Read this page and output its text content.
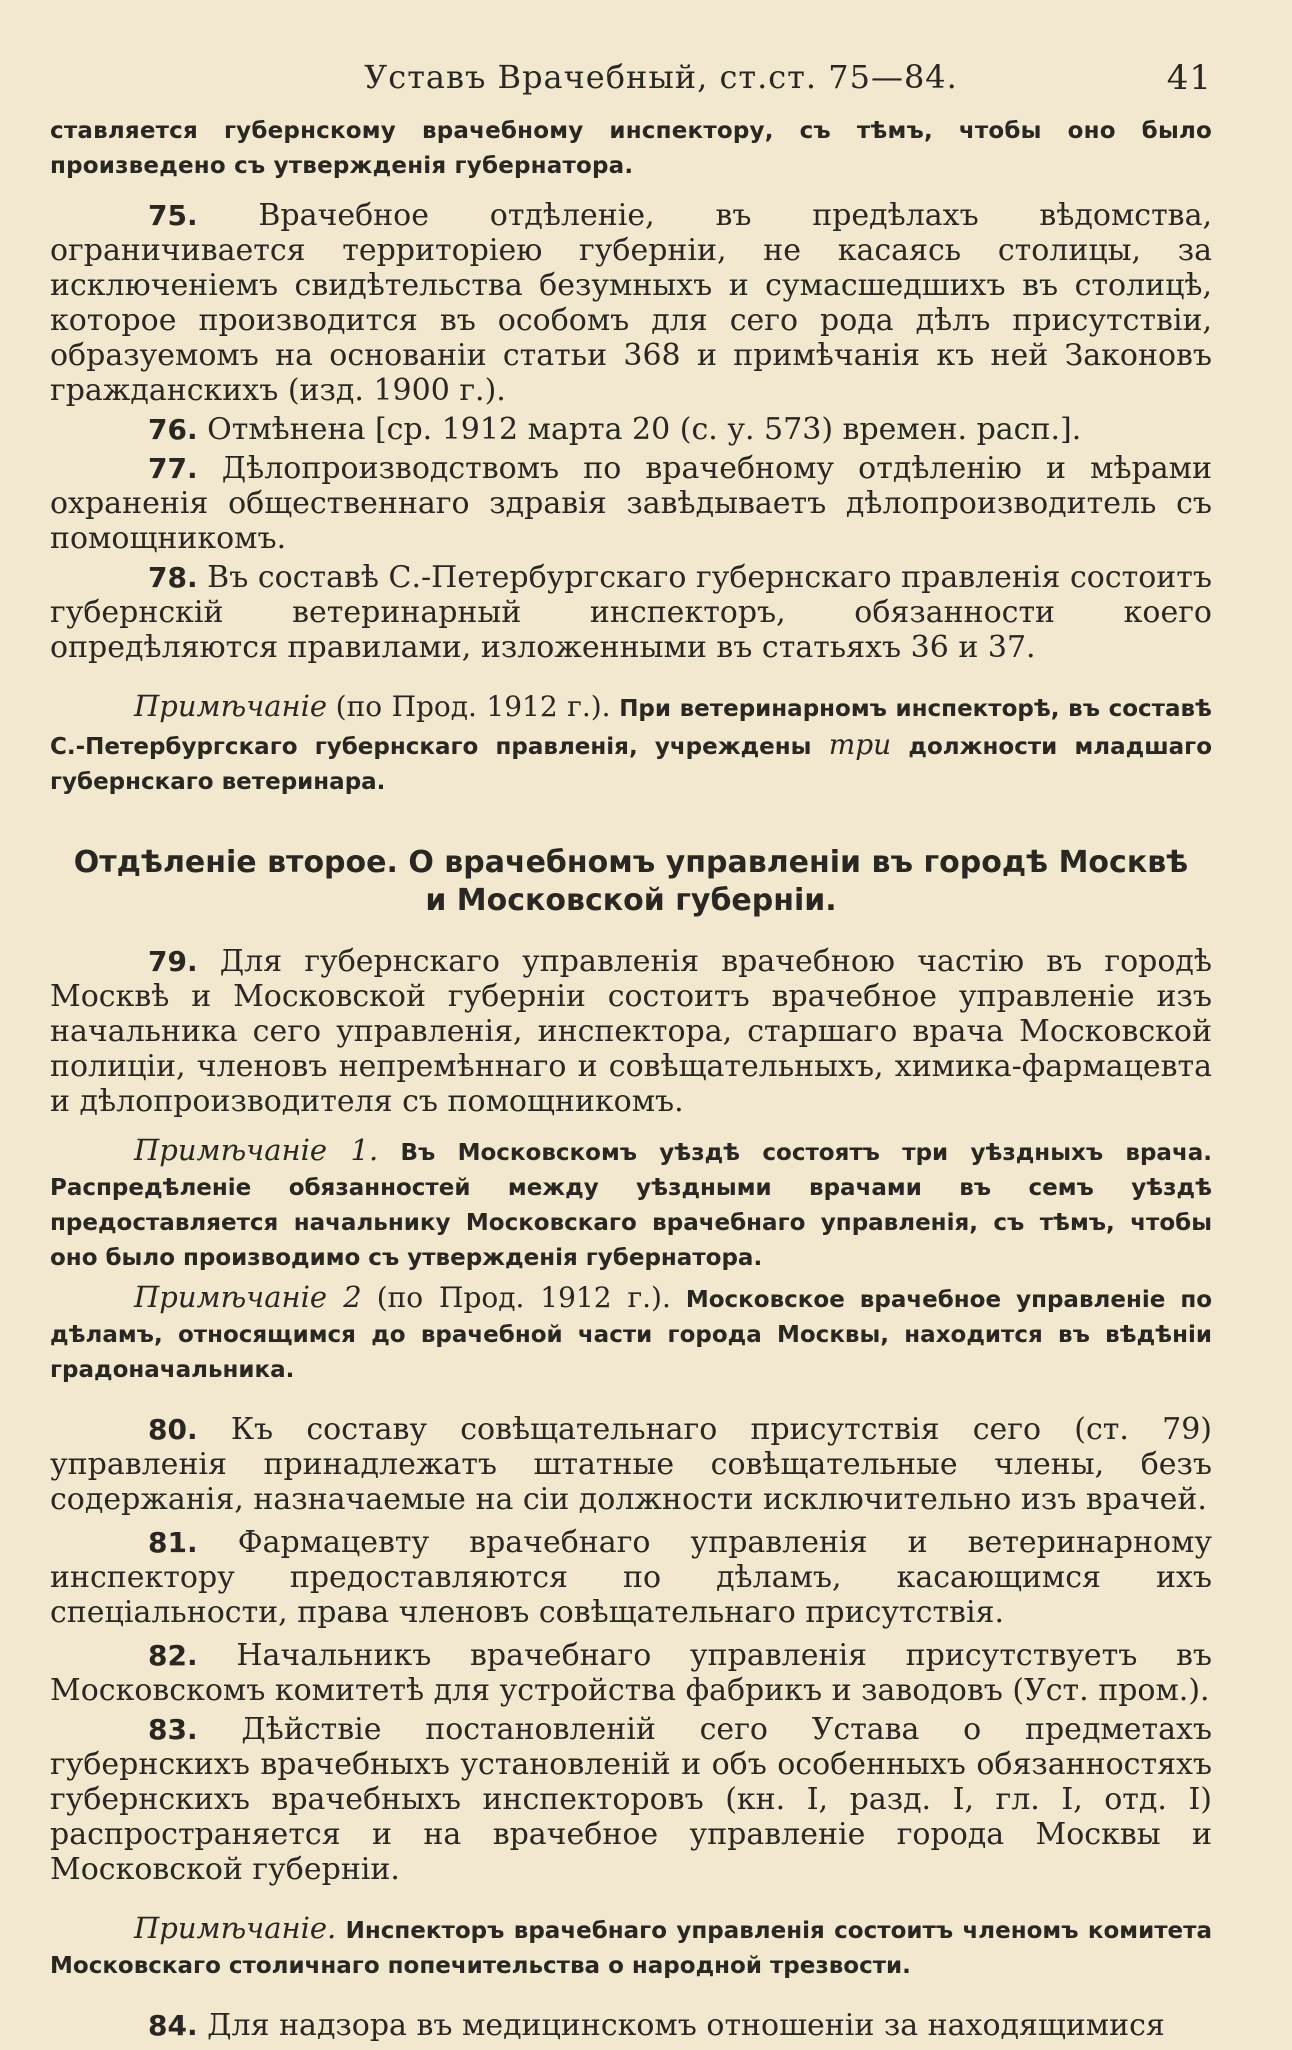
Уставъ Врачебный, ст.ст. 75—84.	41

ставляется губернскому врачебному инспектору, съ тѣмъ, чтобы оно было произведено съ утвержденія губернатора.

75. Врачебное отдѣленіе, въ предѣлахъ вѣдомства, ограничивается территоріею губерніи, не касаясь столицы, за исключеніемъ свидѣтельства безумныхъ и сумасшедшихъ въ столицѣ, которое производится въ особомъ для сего рода дѣлъ присутствіи, образуемомъ на основаніи статьи 368 и примѣчанія къ ней Законовъ гражданскихъ (изд. 1900 г.).

76. Отмѣнена [ср. 1912 марта 20 (с. у. 573) времен. расп.].

77. Дѣлопроизводствомъ по врачебному отдѣленію и мѣрами охраненія общественнаго здравія завѣдываетъ дѣлопроизводитель съ помощникомъ.

78. Въ составѣ С.-Петербургскаго губернскаго правленія состоитъ губернскій ветеринарный инспекторъ, обязанности коего опредѣляются правилами, изложенными въ статьяхъ 36 и 37.

Примѣчаніе (по Прод. 1912 г.). При ветеринарномъ инспекторѣ, въ составѣ С.-Петербургскаго губернскаго правленія, учреждены три должности младшаго губернскаго ветеринара.

Отдѣленіе второе. О врачебномъ управленіи въ городѣ Москвѣ
и Московской губерніи.

79. Для губернскаго управленія врачебною частію въ городѣ Москвѣ и Московской губерніи состоитъ врачебное управленіе изъ начальника сего управленія, инспектора, старшаго врача Московской полиціи, членовъ непремѣннаго и совѣщательныхъ, химика-фармацевта и дѣлопроизводителя съ помощникомъ.

Примѣчаніе 1. Въ Московскомъ уѣздѣ состоятъ три уѣздныхъ врача. Распредѣленіе обязанностей между уѣздными врачами въ семъ уѣздѣ предоставляется начальнику Московскаго врачебнаго управленія, съ тѣмъ, чтобы оно было производимо съ утвержденія губернатора.

Примѣчаніе 2 (по Прод. 1912 г.). Московское врачебное управленіе по дѣламъ, относящимся до врачебной части города Москвы, находится въ вѣдѣніи градоначальника.

80. Къ составу совѣщательнаго присутствія сего (ст. 79) управленія принадлежатъ штатные совѣщательные члены, безъ содержанія, назначаемые на сіи должности исключительно изъ врачей.

81. Фармацевту врачебнаго управленія и ветеринарному инспектору предоставляются по дѣламъ, касающимся ихъ спеціальности, права членовъ совѣщательнаго присутствія.

82. Начальникъ врачебнаго управленія присутствуетъ въ Московскомъ комитетѣ для устройства фабрикъ и заводовъ (Уст. пром.).

83. Дѣйствіе постановленій сего Устава о предметахъ губернскихъ врачебныхъ установленій и объ особенныхъ обязанностяхъ губернскихъ врачебныхъ инспекторовъ (кн. I, разд. I, гл. I, отд. I) распространяется и на врачебное управленіе города Москвы и Московской губерніи.

Примѣчаніе. Инспекторъ врачебнаго управленія состоитъ членомъ комитета Московскаго столичнаго попечительства о народной трезвости.

84. Для надзора въ медицинскомъ отношеніи за находящимися
